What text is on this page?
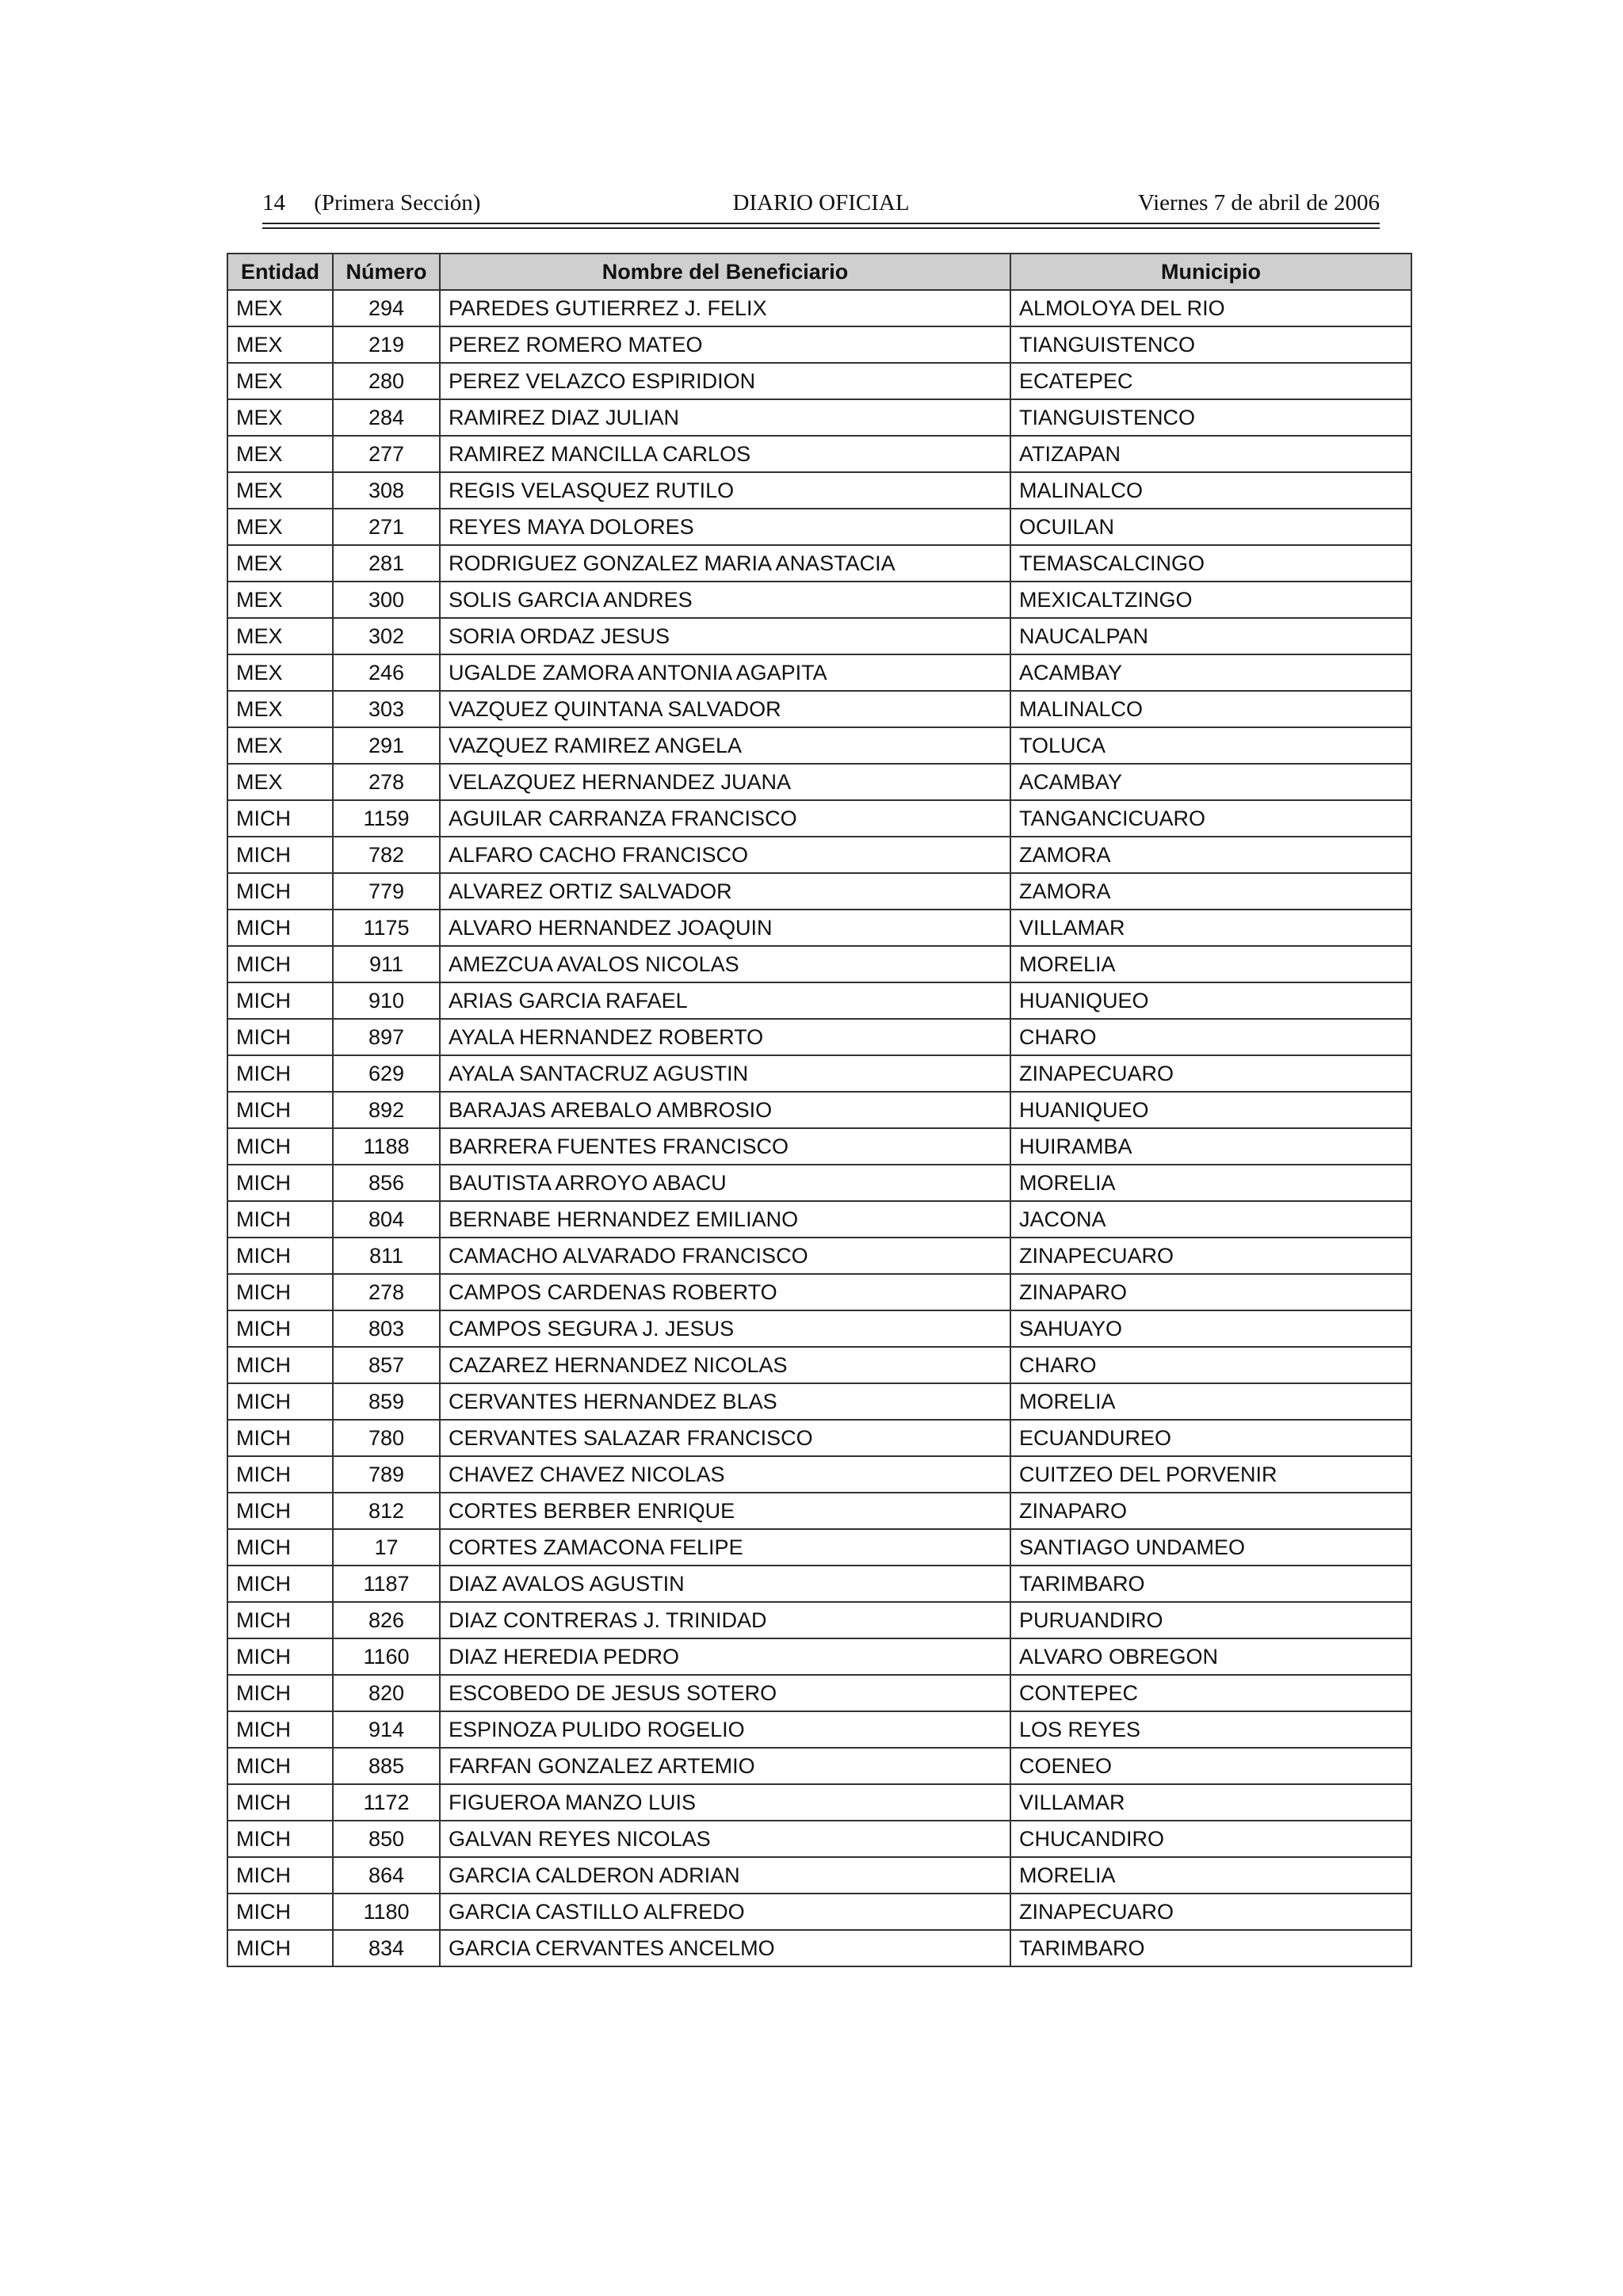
14     (Primera Sección)	DIARIO OFICIAL	Viernes 7 de abril de 2006
Entidad	Número	Nombre del Beneficiario	Municipio
MEX	294	PAREDES GUTIERREZ J. FELIX	ALMOLOYA DEL RIO
MEX	219	PEREZ ROMERO MATEO	TIANGUISTENCO
MEX	280	PEREZ VELAZCO ESPIRIDION	ECATEPEC
MEX	284	RAMIREZ DIAZ JULIAN	TIANGUISTENCO
MEX	277	RAMIREZ MANCILLA CARLOS	ATIZAPAN
MEX	308	REGIS VELASQUEZ RUTILO	MALINALCO
MEX	271	REYES MAYA DOLORES	OCUILAN
MEX	281	RODRIGUEZ GONZALEZ MARIA ANASTACIA	TEMASCALCINGO
MEX	300	SOLIS GARCIA ANDRES	MEXICALTZINGO
MEX	302	SORIA ORDAZ JESUS	NAUCALPAN
MEX	246	UGALDE ZAMORA ANTONIA AGAPITA	ACAMBAY
MEX	303	VAZQUEZ QUINTANA SALVADOR	MALINALCO
MEX	291	VAZQUEZ RAMIREZ ANGELA	TOLUCA
MEX	278	VELAZQUEZ HERNANDEZ JUANA	ACAMBAY
MICH	1159	AGUILAR CARRANZA FRANCISCO	TANGANCICUARO
MICH	782	ALFARO CACHO FRANCISCO	ZAMORA
MICH	779	ALVAREZ ORTIZ SALVADOR	ZAMORA
MICH	1175	ALVARO HERNANDEZ JOAQUIN	VILLAMAR
MICH	911	AMEZCUA AVALOS NICOLAS	MORELIA
MICH	910	ARIAS GARCIA RAFAEL	HUANIQUEO
MICH	897	AYALA HERNANDEZ ROBERTO	CHARO
MICH	629	AYALA SANTACRUZ AGUSTIN	ZINAPECUARO
MICH	892	BARAJAS AREBALO AMBROSIO	HUANIQUEO
MICH	1188	BARRERA FUENTES FRANCISCO	HUIRAMBA
MICH	856	BAUTISTA ARROYO ABACU	MORELIA
MICH	804	BERNABE HERNANDEZ EMILIANO	JACONA
MICH	811	CAMACHO ALVARADO FRANCISCO	ZINAPECUARO
MICH	278	CAMPOS CARDENAS ROBERTO	ZINAPARO
MICH	803	CAMPOS SEGURA J. JESUS	SAHUAYO
MICH	857	CAZAREZ HERNANDEZ NICOLAS	CHARO
MICH	859	CERVANTES HERNANDEZ BLAS	MORELIA
MICH	780	CERVANTES SALAZAR FRANCISCO	ECUANDUREO
MICH	789	CHAVEZ CHAVEZ NICOLAS	CUITZEO DEL PORVENIR
MICH	812	CORTES BERBER ENRIQUE	ZINAPARO
MICH	17	CORTES ZAMACONA FELIPE	SANTIAGO UNDAMEO
MICH	1187	DIAZ AVALOS AGUSTIN	TARIMBARO
MICH	826	DIAZ CONTRERAS J. TRINIDAD	PURUANDIRO
MICH	1160	DIAZ HEREDIA PEDRO	ALVARO OBREGON
MICH	820	ESCOBEDO DE JESUS SOTERO	CONTEPEC
MICH	914	ESPINOZA PULIDO ROGELIO	LOS REYES
MICH	885	FARFAN GONZALEZ ARTEMIO	COENEO
MICH	1172	FIGUEROA MANZO LUIS	VILLAMAR
MICH	850	GALVAN REYES NICOLAS	CHUCANDIRO
MICH	864	GARCIA CALDERON ADRIAN	MORELIA
MICH	1180	GARCIA CASTILLO ALFREDO	ZINAPECUARO
MICH	834	GARCIA CERVANTES ANCELMO	TARIMBARO
